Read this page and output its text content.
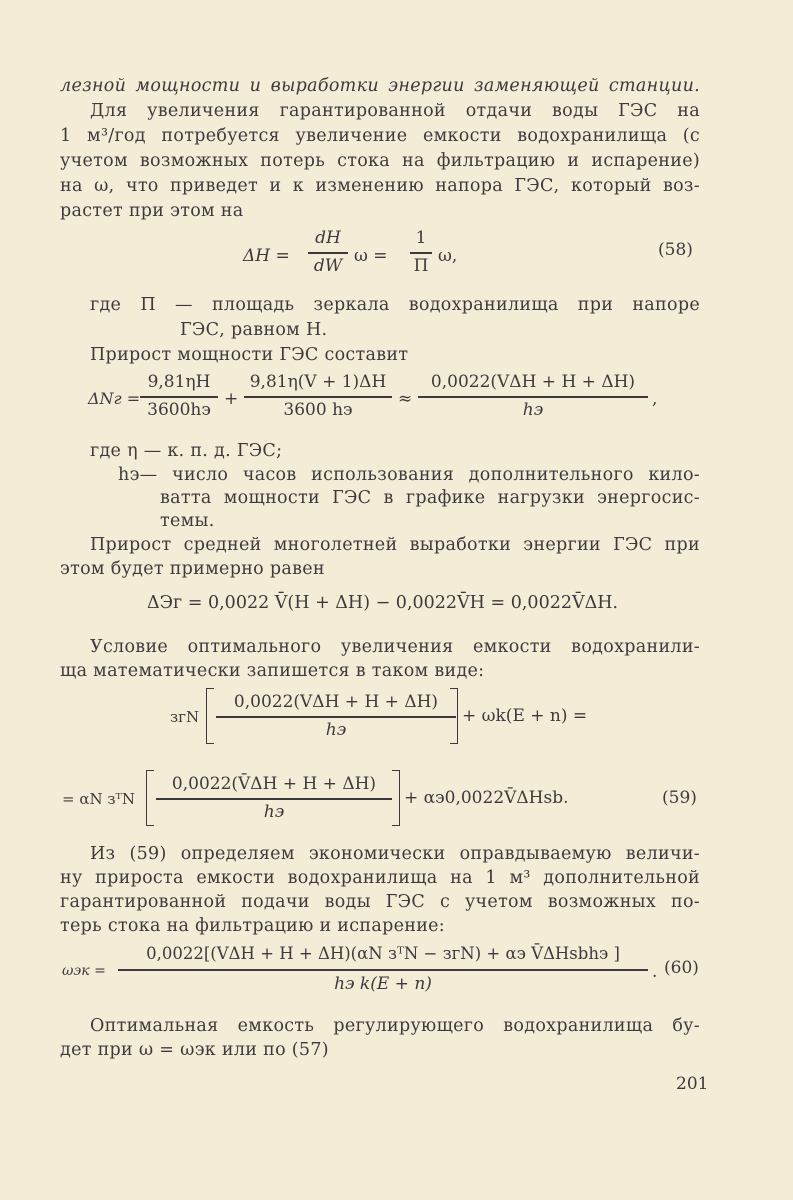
лезной мощности и выработки энергии заменяющей станции.
Для увеличения гарантированной отдачи воды ГЭС на
1 м³/год потребуется увеличение емкости водохранилища (с
учетом возможных потерь стока на фильтрацию и испарение)
на ω, что приведет и к изменению напора ГЭС, который воз-
растет при этом на
ΔH =
dH
dW ω =
1
П ω,	(58)
где П — площадь зеркала водохранилища при напоре
ГЭС, равном Н.
Прирост мощности ГЭС составит
ΔNг =
9,81ηH
3600hэ
+
9,81η(V + 1)ΔH
3600 hэ
≈
0,0022(VΔH + H + ΔH)
hэ
,
где η — к. п. д. ГЭС;
hэ— число часов использования дополнительного кило-
ватта мощности ГЭС в графике нагрузки энергосис-
темы.
Прирост средней многолетней выработки энергии ГЭС при
этом будет примерно равен
ΔЭг = 0,0022 V̄(H + ΔH) − 0,0022V̄H = 0,0022V̄ΔH.
Условие оптимального увеличения емкости водохранили-
ща математически запишется в таком виде:
зᴦN
0,0022(VΔH + H + ΔH)
hэ
+ ωk(E + n) =
= αN зᵀN
0,0022(V̄ΔH + H + ΔH)
hэ
+ αэ0,0022V̄ΔHsb.	(59)
Из (59) определяем экономически оправдываемую величи-
ну прироста емкости водохранилища на 1 м³ дополнительной
гарантированной подачи воды ГЭС с учетом возможных по-
терь стока на фильтрацию и испарение:
ωэк =
0,0022[(VΔH + H + ΔH)(αN зᵀN − зᴦN) + αэ V̄ΔHsbhэ ]
hэ k(E + n)
. (60)
Оптимальная емкость регулирующего водохранилища бу-
дет при ω = ωэк или по (57)
201
